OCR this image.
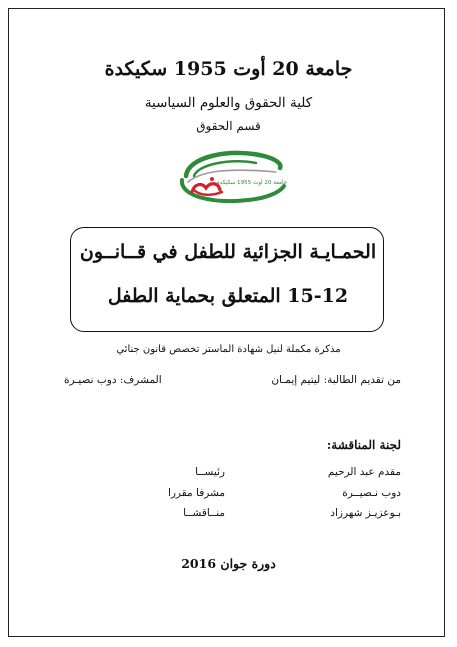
جامعة 20 أوت 1955 سكيكدة
كلية الحقوق والعلوم السياسية
قسم الحقوق
جامعة 20 أوت 1955 سكيكدة
الحمـايـة الجزائية للطفل في قــانــون
15-12 المتعلق بحماية الطفل
مذكرة مكملة لنيل شهادة الماستر تخصص قانون جنائي
من تقديم الطالبة: ليتيم إيمـان
المشرف: دوب نصيـرة
لجنة المناقشة:
مقدم عبد الرحيم
رئيســا
دوب نـصيــرة
مشرفا مقررا
بـوعزيـز شهرزاد
منــاقشــا
دورة جوان 2016
